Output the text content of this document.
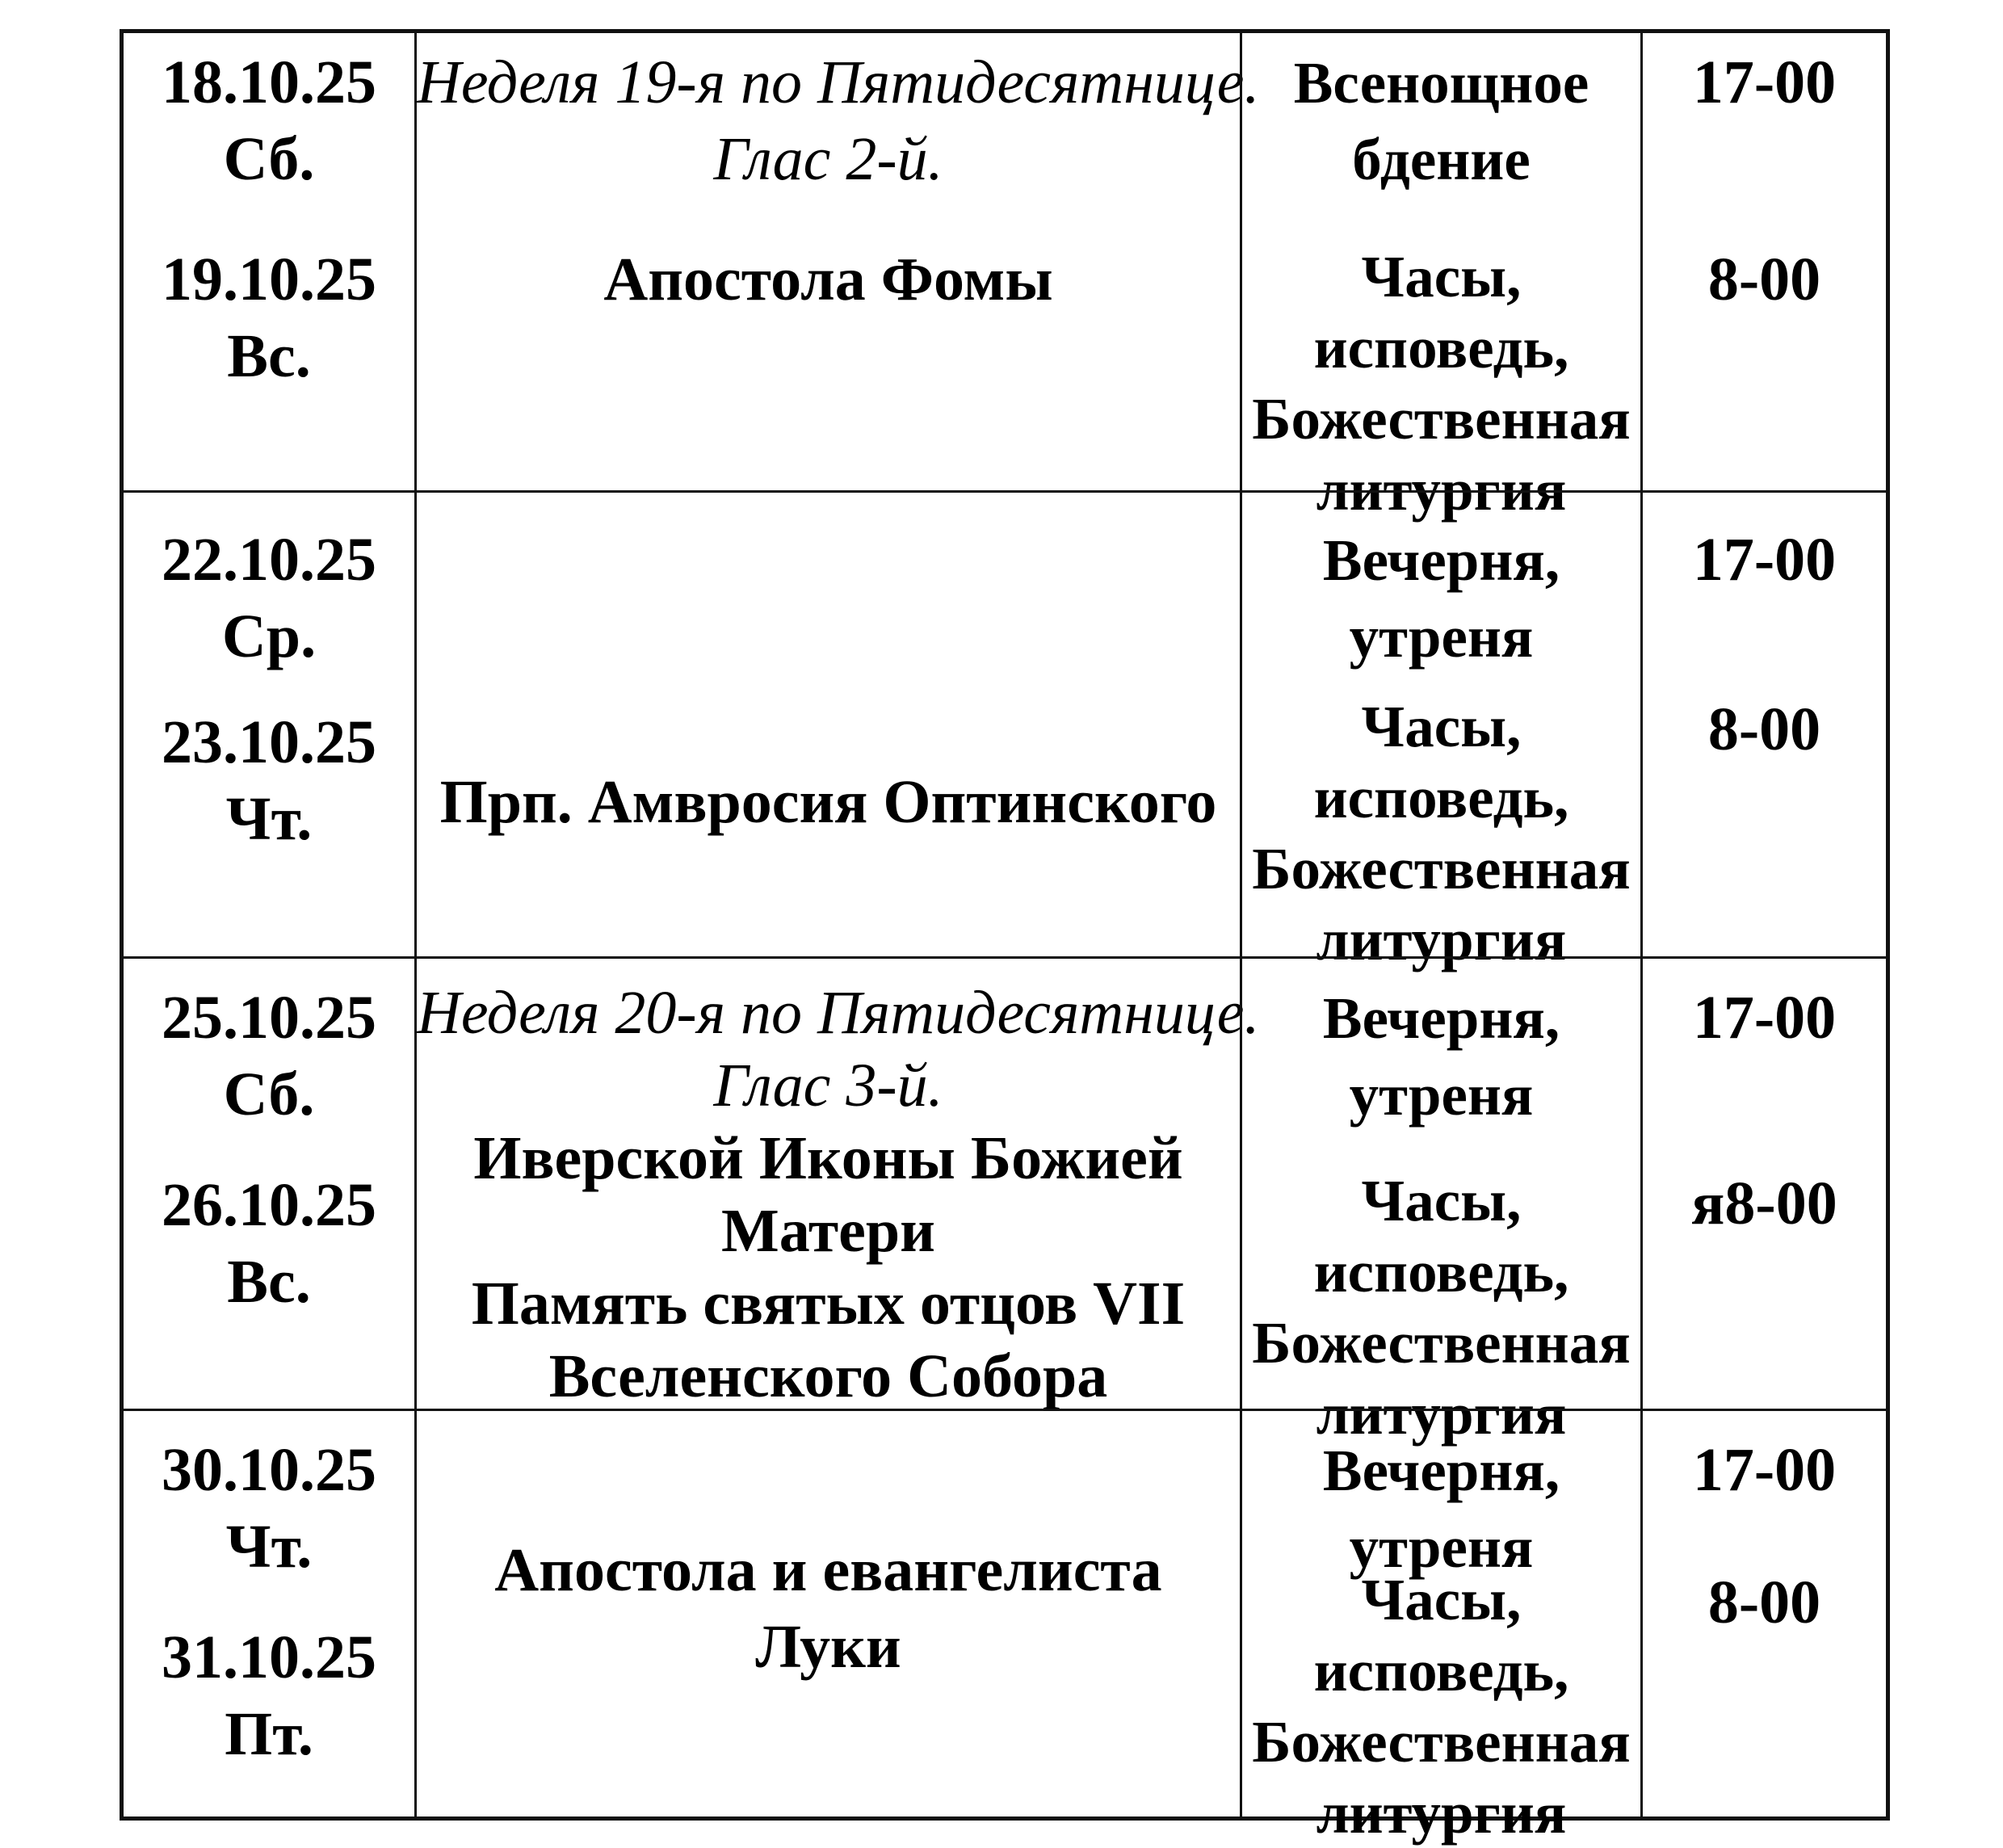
18.10.25
Сб.
19.10.25
Вс.
Неделя 19-я по Пятидесятнице.
Глас 2-й.
Апостола Фомы
Всенощное
бдение
Часы,
исповедь,
Божественная
литургия
17-00
8-00
22.10.25
Ср.
23.10.25
Чт.	Прп. Амвросия Оптинского
Вечерня,
утреня
Часы,
исповедь,
Божественная
литургия
17-00
8-00
25.10.25
Сб.
26.10.25
Вс.
Неделя 20-я по Пятидесятнице.
Глас 3-й.
Иверской Иконы Божией
Матери
Память святых отцов VII
Вселенского Собора
Вечерня,
утреня
Часы,
исповедь,
Божественная
литургия
17-00
я8-00
30.10.25
Чт.
31.10.25
Пт.
Апостола и евангелиста
Луки
Вечерня,
утреня
Часы,
исповедь,
Божественная
литургия
17-00
8-00
